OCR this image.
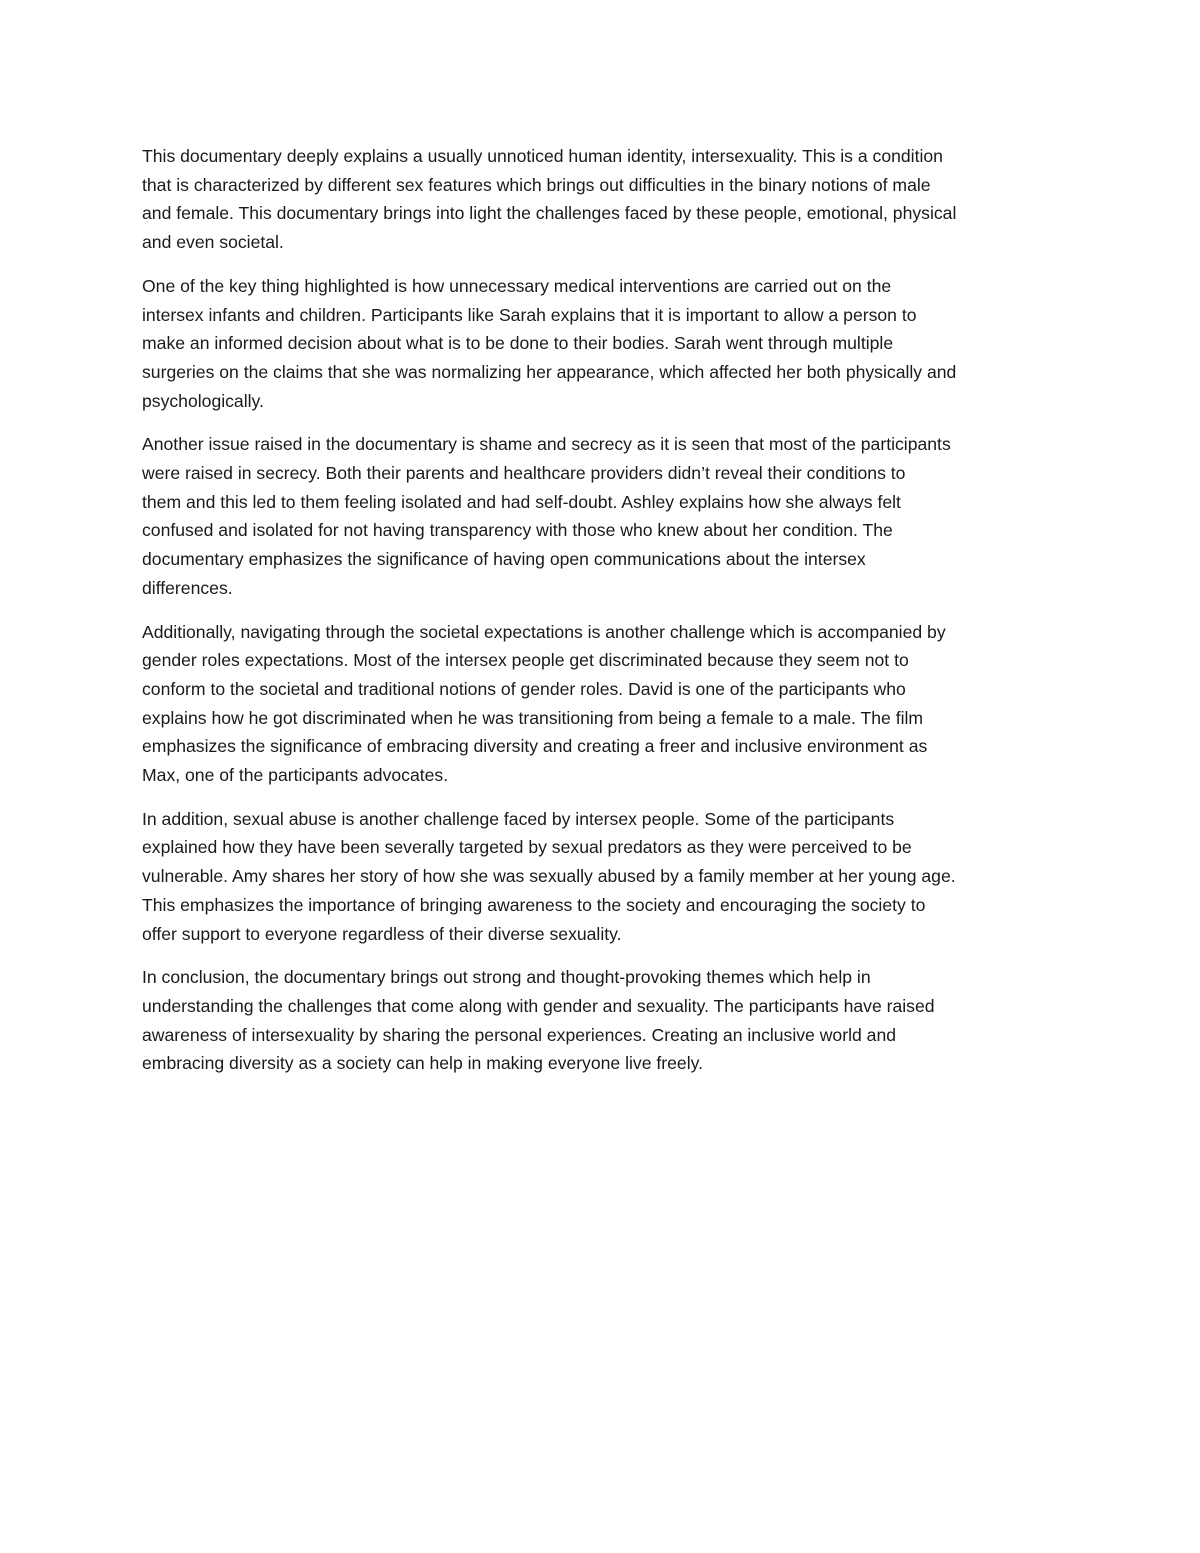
This documentary deeply explains a usually unnoticed human identity, intersexuality. This is a condition
that is characterized by different sex features which brings out difficulties in the binary notions of male
and female. This documentary brings into light the challenges faced by these people, emotional, physical
and even societal.

One of the key thing highlighted is how unnecessary medical interventions are carried out on the
intersex infants and children. Participants like Sarah explains that it is important to allow a person to
make an informed decision about what is to be done to their bodies. Sarah went through multiple
surgeries on the claims that she was normalizing her appearance, which affected her both physically and
psychologically.

Another issue raised in the documentary is shame and secrecy as it is seen that most of the participants
were raised in secrecy. Both their parents and healthcare providers didn’t reveal their conditions to
them and this led to them feeling isolated and had self-doubt. Ashley explains how she always felt
confused and isolated for not having transparency with those who knew about her condition. The
documentary emphasizes the significance of having open communications about the intersex
differences.

Additionally, navigating through the societal expectations is another challenge which is accompanied by
gender roles expectations. Most of the intersex people get discriminated because they seem not to
conform to the societal and traditional notions of gender roles. David is one of the participants who
explains how he got discriminated when he was transitioning from being a female to a male. The film
emphasizes the significance of embracing diversity and creating a freer and inclusive environment as
Max, one of the participants advocates.

In addition, sexual abuse is another challenge faced by intersex people. Some of the participants
explained how they have been severally targeted by sexual predators as they were perceived to be
vulnerable. Amy shares her story of how she was sexually abused by a family member at her young age.
This emphasizes the importance of bringing awareness to the society and encouraging the society to
offer support to everyone regardless of their diverse sexuality.

In conclusion, the documentary brings out strong and thought-provoking themes which help in
understanding the challenges that come along with gender and sexuality. The participants have raised
awareness of intersexuality by sharing the personal experiences. Creating an inclusive world and
embracing diversity as a society can help in making everyone live freely.
